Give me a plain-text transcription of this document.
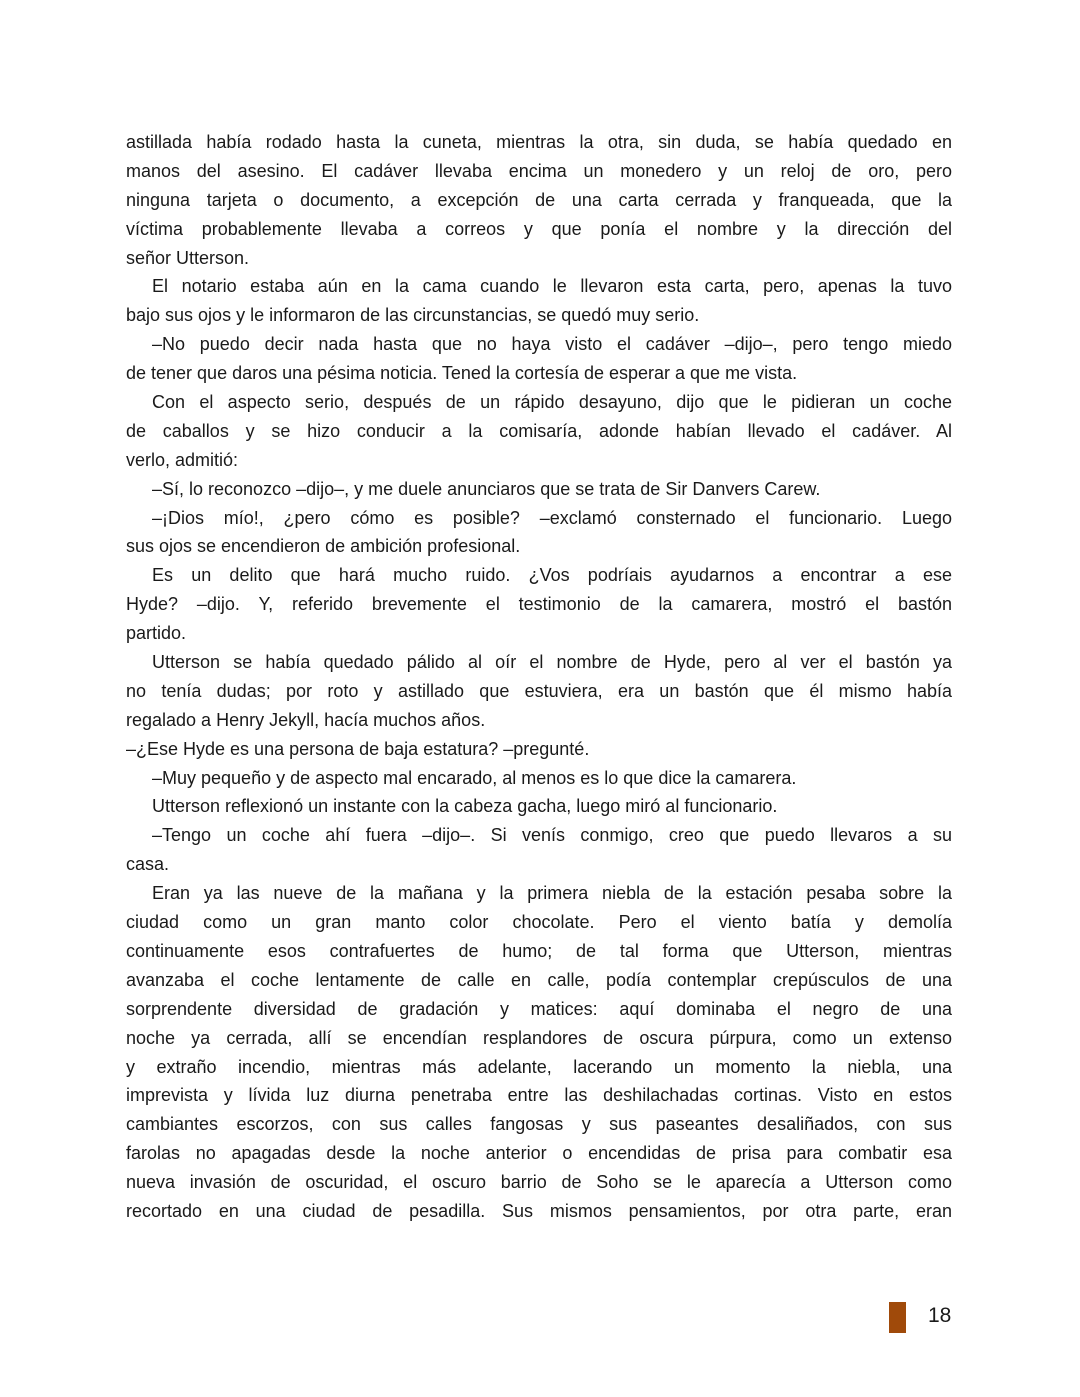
astillada había rodado hasta la cuneta, mientras la otra, sin duda, se había quedado en
manos del asesino. El cadáver llevaba encima un monedero y un reloj de oro, pero
ninguna tarjeta o documento, a excepción de una carta cerrada y franqueada, que la
víctima probablemente llevaba a correos y que ponía el nombre y la dirección del
señor Utterson.
El notario estaba aún en la cama cuando le llevaron esta carta, pero, apenas la tuvo
bajo sus ojos y le informaron de las circunstancias, se quedó muy serio.
–No puedo decir nada hasta que no haya visto el cadáver –dijo–, pero tengo miedo
de tener que daros una pésima noticia. Tened la cortesía de esperar a que me vista.
Con el aspecto serio, después de un rápido desayuno, dijo que le pidieran un coche
de caballos y se hizo conducir a la comisaría, adonde habían llevado el cadáver. Al
verlo, admitió:
–Sí, lo reconozco –dijo–, y me duele anunciaros que se trata de Sir Danvers Carew.
–¡Dios mío!, ¿pero cómo es posible? –exclamó consternado el funcionario. Luego
sus ojos se encendieron de ambición profesional.
Es un delito que hará mucho ruido. ¿Vos podríais ayudarnos a encontrar a ese
Hyde? –dijo. Y, referido brevemente el testimonio de la camarera, mostró el bastón
partido.
Utterson se había quedado pálido al oír el nombre de Hyde, pero al ver el bastón ya
no tenía dudas; por roto y astillado que estuviera, era un bastón que él mismo había
regalado a Henry Jekyll, hacía muchos años.
–¿Ese Hyde es una persona de baja estatura? –pregunté.
–Muy pequeño y de aspecto mal encarado, al menos es lo que dice la camarera.
Utterson reflexionó un instante con la cabeza gacha, luego miró al funcionario.
–Tengo un coche ahí fuera –dijo–. Si venís conmigo, creo que puedo llevaros a su
casa.
Eran ya las nueve de la mañana y la primera niebla de la estación pesaba sobre la
ciudad como un gran manto color chocolate. Pero el viento batía y demolía
continuamente esos contrafuertes de humo; de tal forma que Utterson, mientras
avanzaba el coche lentamente de calle en calle, podía contemplar crepúsculos de una
sorprendente diversidad de gradación y matices: aquí dominaba el negro de una
noche ya cerrada, allí se encendían resplandores de oscura púrpura, como un extenso
y extraño incendio, mientras más adelante, lacerando un momento la niebla, una
imprevista y lívida luz diurna penetraba entre las deshilachadas cortinas. Visto en estos
cambiantes escorzos, con sus calles fangosas y sus paseantes desaliñados, con sus
farolas no apagadas desde la noche anterior o encendidas de prisa para combatir esa
nueva invasión de oscuridad, el oscuro barrio de Soho se le aparecía a Utterson como
recortado en una ciudad de pesadilla. Sus mismos pensamientos, por otra parte, eran
18
